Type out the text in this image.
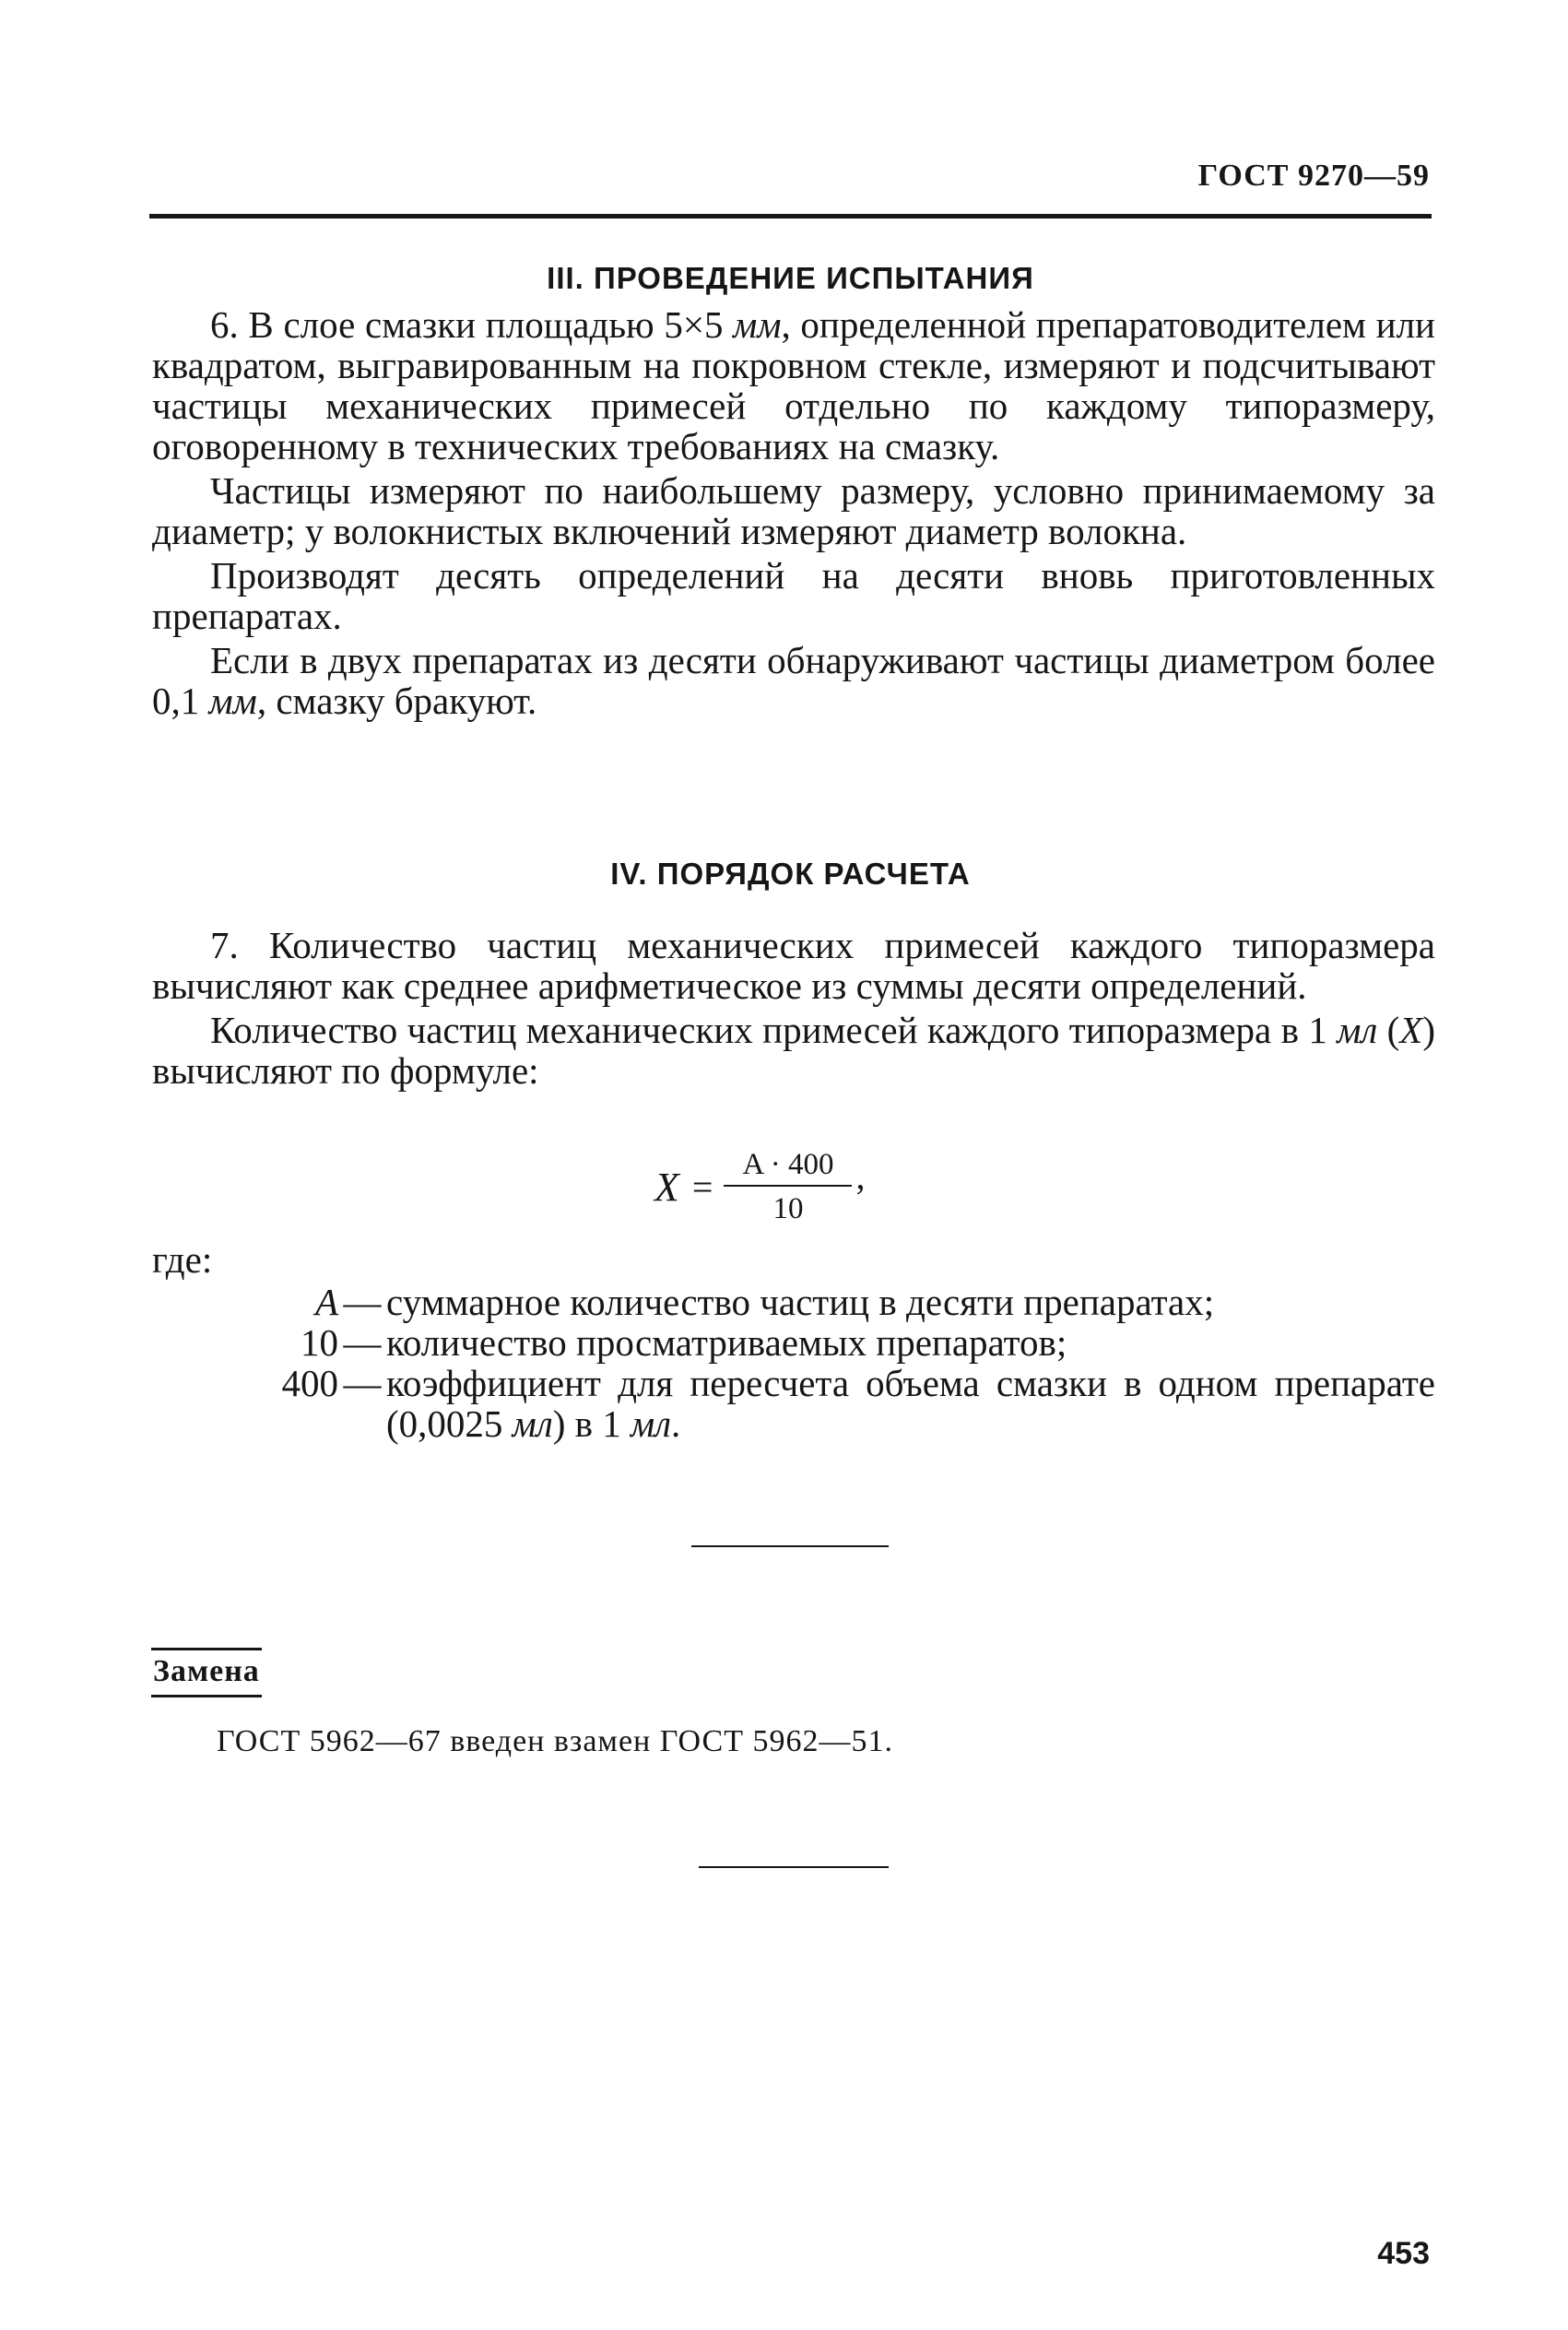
ГОСТ 9270—59
III. ПРОВЕДЕНИЕ ИСПЫТАНИЯ

6. В слое смазки площадью 5×5 мм, определенной препаратоводителем или квадратом, выгравированным на покровном стекле, измеряют и подсчитывают частицы механических примесей отдельно по каждому типоразмеру, оговоренному в технических требованиях на смазку.

Частицы измеряют по наибольшему размеру, условно принимаемому за диаметр; у волокнистых включений измеряют диаметр волокна.

Производят десять определений на десяти вновь приготовленных препаратах.

Если в двух препаратах из десяти обнаруживают частицы диаметром более 0,1 мм, смазку бракуют.

IV. ПОРЯДОК РАСЧЕТА

7. Количество частиц механических примесей каждого типоразмера вычисляют как среднее арифметическое из суммы десяти определений.

Количество частиц механических примесей каждого типоразмера в 1 мл (X) вычисляют по формуле:

$X = \frac{A \cdot 400}{10}$ ,
где:
A — суммарное количество частиц в десяти препаратах;
10 — количество просматриваемых препаратов;
400 — коэффициент для пересчета объема смазки в одном препарате (0,0025 мл) в 1 мл.
Замена
ГОСТ 5962—67 введен взамен ГОСТ 5962—51.
453
